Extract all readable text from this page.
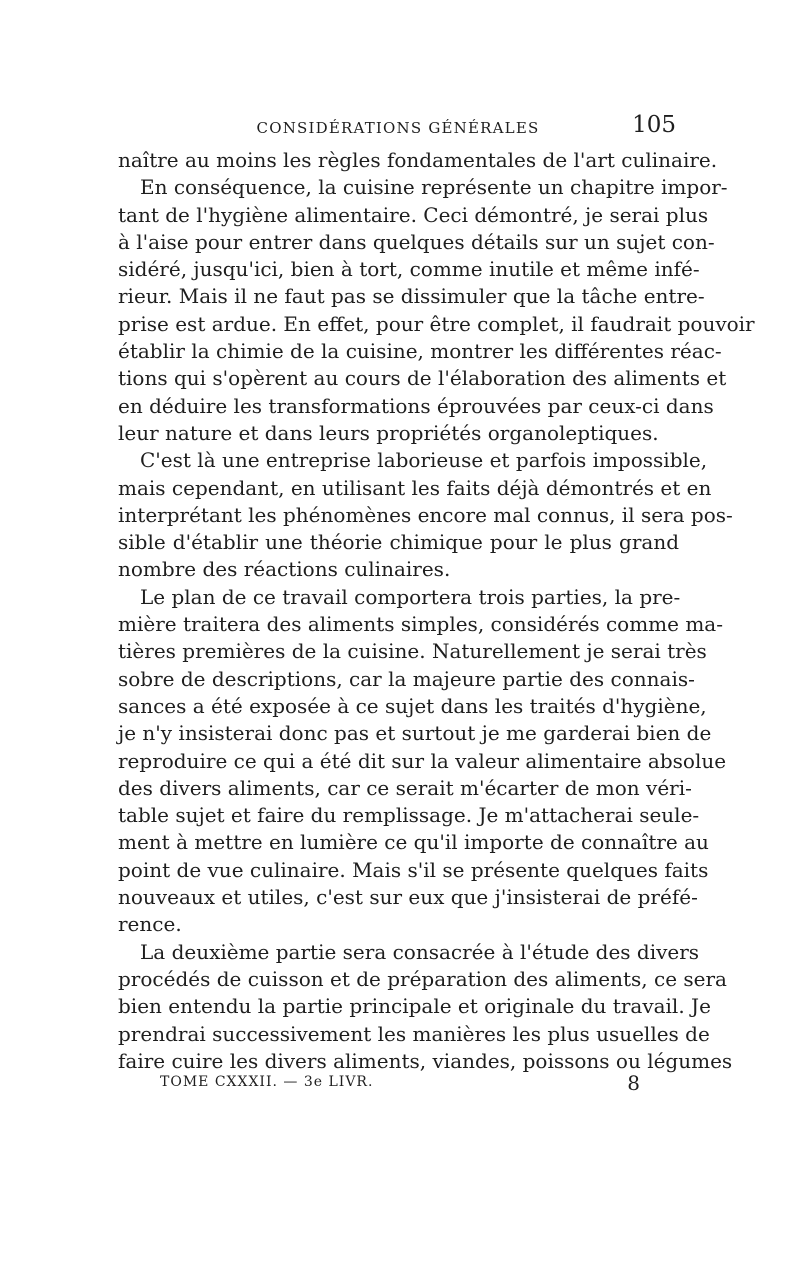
CONSIDÉRATIONS GÉNÉRALES	105
naître au moins les règles fondamentales de l'art culinaire.
En conséquence, la cuisine représente un chapitre impor-
tant de l'hygiène alimentaire. Ceci démontré, je serai plus
à l'aise pour entrer dans quelques détails sur un sujet con-
sidéré, jusqu'ici, bien à tort, comme inutile et même infé-
rieur. Mais il ne faut pas se dissimuler que la tâche entre-
prise est ardue. En effet, pour être complet, il faudrait pouvoir
établir la chimie de la cuisine, montrer les différentes réac-
tions qui s'opèrent au cours de l'élaboration des aliments et
en déduire les transformations éprouvées par ceux-ci dans
leur nature et dans leurs propriétés organoleptiques.
C'est là une entreprise laborieuse et parfois impossible,
mais cependant, en utilisant les faits déjà démontrés et en
interprétant les phénomènes encore mal connus, il sera pos-
sible d'établir une théorie chimique pour le plus grand
nombre des réactions culinaires.
Le plan de ce travail comportera trois parties, la pre-
mière traitera des aliments simples, considérés comme ma-
tières premières de la cuisine. Naturellement je serai très
sobre de descriptions, car la majeure partie des connais-
sances a été exposée à ce sujet dans les traités d'hygiène,
je n'y insisterai donc pas et surtout je me garderai bien de
reproduire ce qui a été dit sur la valeur alimentaire absolue
des divers aliments, car ce serait m'écarter de mon véri-
table sujet et faire du remplissage. Je m'attacherai seule-
ment à mettre en lumière ce qu'il importe de connaître au
point de vue culinaire. Mais s'il se présente quelques faits
nouveaux et utiles, c'est sur eux que j'insisterai de préfé-
rence.
La deuxième partie sera consacrée à l'étude des divers
procédés de cuisson et de préparation des aliments, ce sera
bien entendu la partie principale et originale du travail. Je
prendrai successivement les manières les plus usuelles de
faire cuire les divers aliments, viandes, poissons ou légumes
TOME CXXXII. — 3e LIVR.	8
